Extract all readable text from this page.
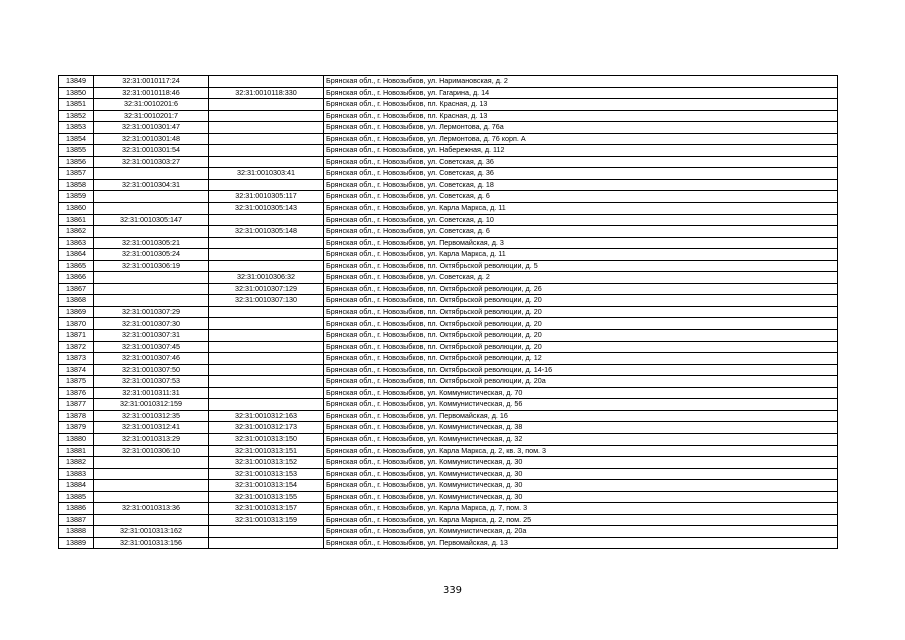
13849	32:31:0010117:24		Брянская обл., г. Новозыбков, ул. Наримановская, д. 2
13850	32:31:0010118:46	32:31:0010118:330	Брянская обл., г. Новозыбков, ул. Гагарина, д. 14
13851	32:31:0010201:6		Брянская обл., г. Новозыбков, пл. Красная, д. 13
13852	32:31:0010201:7		Брянская обл., г. Новозыбков, пл. Красная, д. 13
13853	32:31:0010301:47		Брянская обл., г. Новозыбков, ул. Лермонтова, д. 76а
13854	32:31:0010301:48		Брянская обл., г. Новозыбков, ул. Лермонтова, д. 76 корп. А
13855	32:31:0010301:54		Брянская обл., г. Новозыбков, ул. Набережная, д. 112
13856	32:31:0010303:27		Брянская обл., г. Новозыбков, ул. Советская, д. 36
13857		32:31:0010303:41	Брянская обл., г. Новозыбков, ул. Советская, д. 36
13858	32:31:0010304:31		Брянская обл., г. Новозыбков, ул. Советская, д. 18
13859		32:31:0010305:117	Брянская обл., г. Новозыбков, ул. Советская, д. 6
13860		32:31:0010305:143	Брянская обл., г. Новозыбков, ул. Карла Маркса, д. 11
13861	32:31:0010305:147		Брянская обл., г. Новозыбков, ул. Советская, д. 10
13862		32:31:0010305:148	Брянская обл., г. Новозыбков, ул. Советская, д. 6
13863	32:31:0010305:21		Брянская обл., г. Новозыбков, ул. Первомайская, д. 3
13864	32:31:0010305:24		Брянская обл., г. Новозыбков, ул. Карла Маркса, д. 11
13865	32:31:0010306:19		Брянская обл., г. Новозыбков, пл. Октябрьской революции, д. 5
13866		32:31:0010306:32	Брянская обл., г. Новозыбков, ул. Советская, д. 2
13867		32:31:0010307:129	Брянская обл., г. Новозыбков, пл. Октябрьской революции, д. 26
13868		32:31:0010307:130	Брянская обл., г. Новозыбков, пл. Октябрьской революции, д. 20
13869	32:31:0010307:29		Брянская обл., г. Новозыбков, пл. Октябрьской революции, д. 20
13870	32:31:0010307:30		Брянская обл., г. Новозыбков, пл. Октябрьской революции, д. 20
13871	32:31:0010307:31		Брянская обл., г. Новозыбков, пл. Октябрьской революции, д. 20
13872	32:31:0010307:45		Брянская обл., г. Новозыбков, пл. Октябрьской революции, д. 20
13873	32:31:0010307:46		Брянская обл., г. Новозыбков, пл. Октябрьской революции, д. 12
13874	32:31:0010307:50		Брянская обл., г. Новозыбков, пл. Октябрьской революции, д. 14-16
13875	32:31:0010307:53		Брянская обл., г. Новозыбков, пл. Октябрьской революции, д. 20а
13876	32:31:0010311:31		Брянская обл., г. Новозыбков, ул. Коммунистическая, д. 70
13877	32:31:0010312:159		Брянская обл., г. Новозыбков, ул. Коммунистическая, д. 56
13878	32:31:0010312:35	32:31:0010312:163	Брянская обл., г. Новозыбков, ул. Первомайская, д. 16
13879	32:31:0010312:41	32:31:0010312:173	Брянская обл., г. Новозыбков, ул. Коммунистическая, д. 38
13880	32:31:0010313:29	32:31:0010313:150	Брянская обл., г. Новозыбков, ул. Коммунистическая, д. 32
13881	32:31:0010306:10	32:31:0010313:151	Брянская обл., г. Новозыбков, ул. Карла Маркса, д. 2, кв. 3, пом. 3
13882		32:31:0010313:152	Брянская обл., г. Новозыбков, ул. Коммунистическая, д. 30
13883		32:31:0010313:153	Брянская обл., г. Новозыбков, ул. Коммунистическая, д. 30
13884		32:31:0010313:154	Брянская обл., г. Новозыбков, ул. Коммунистическая, д. 30
13885		32:31:0010313:155	Брянская обл., г. Новозыбков, ул. Коммунистическая, д. 30
13886	32:31:0010313:36	32:31:0010313:157	Брянская обл., г. Новозыбков, ул. Карла Маркса, д. 7, пом. 3
13887		32:31:0010313:159	Брянская обл., г. Новозыбков, ул. Карла Маркса, д. 2, пом. 25
13888	32:31:0010313:162		Брянская обл., г. Новозыбков, ул. Коммунистическая, д. 20а
13889	32:31:0010313:156		Брянская обл., г. Новозыбков, ул. Первомайская, д. 13
339
